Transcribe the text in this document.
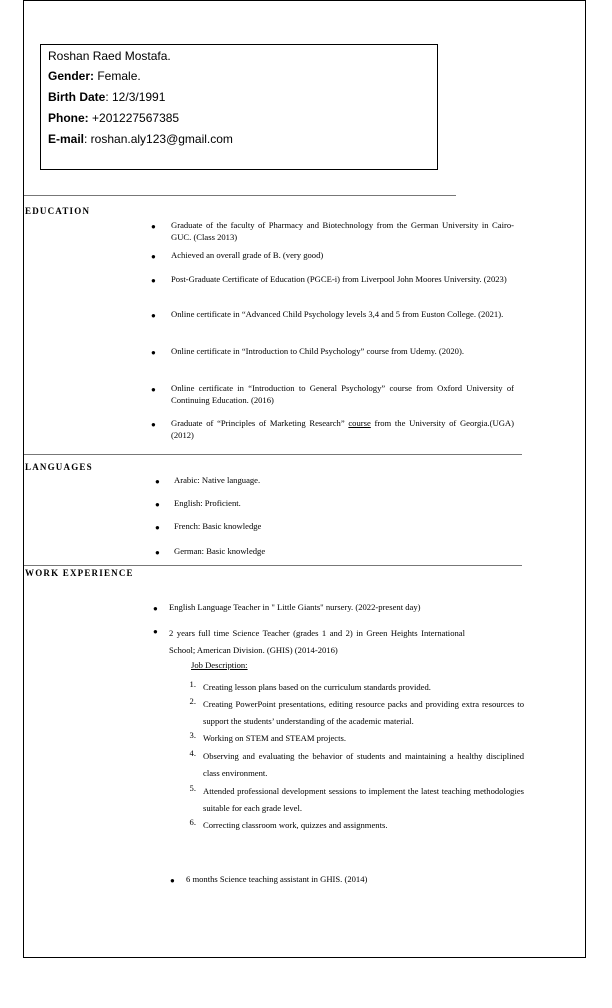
Roshan Raed Mostafa.
Gender: Female.
Birth Date: 12/3/1991
Phone: +201227567385
E-mail: roshan.aly123@gmail.com
EDUCATION
● Graduate of the faculty of Pharmacy and Biotechnology from the German University in Cairo-GUC. (Class 2013)
● Achieved an overall grade of B. (very good)
● Post-Graduate Certificate of Education (PGCE-i) from Liverpool John Moores University. (2023)
● Online certificate in “Advanced Child Psychology levels 3,4 and 5 from Euston College. (2021).
● Online certificate in “Introduction to Child Psychology” course from Udemy. (2020).
● Online certificate in “Introduction to General Psychology” course from Oxford University of Continuing Education. (2016)
● Graduate of “Principles of Marketing Research” course from the University of Georgia.(UGA) (2012)
LANGUAGES
● Arabic: Native language.
● English: Proficient.
● French: Basic knowledge
● German: Basic knowledge
WORK EXPERIENCE
● English Language Teacher in " Little Giants" nursery. (2022-present day)
● 2 years full time Science Teacher (grades 1 and 2) in Green Heights International School; American Division. (GHIS) (2014-2016)
Job Description:
1. Creating lesson plans based on the curriculum standards provided.
2. Creating PowerPoint presentations, editing resource packs and providing extra resources to support the students’ understanding of the academic material.
3. Working on STEM and STEAM projects.
4. Observing and evaluating the behavior of students and maintaining a healthy disciplined class environment.
5. Attended professional development sessions to implement the latest teaching methodologies suitable for each grade level.
6. Correcting classroom work, quizzes and assignments.
● 6 months Science teaching assistant in GHIS. (2014)
